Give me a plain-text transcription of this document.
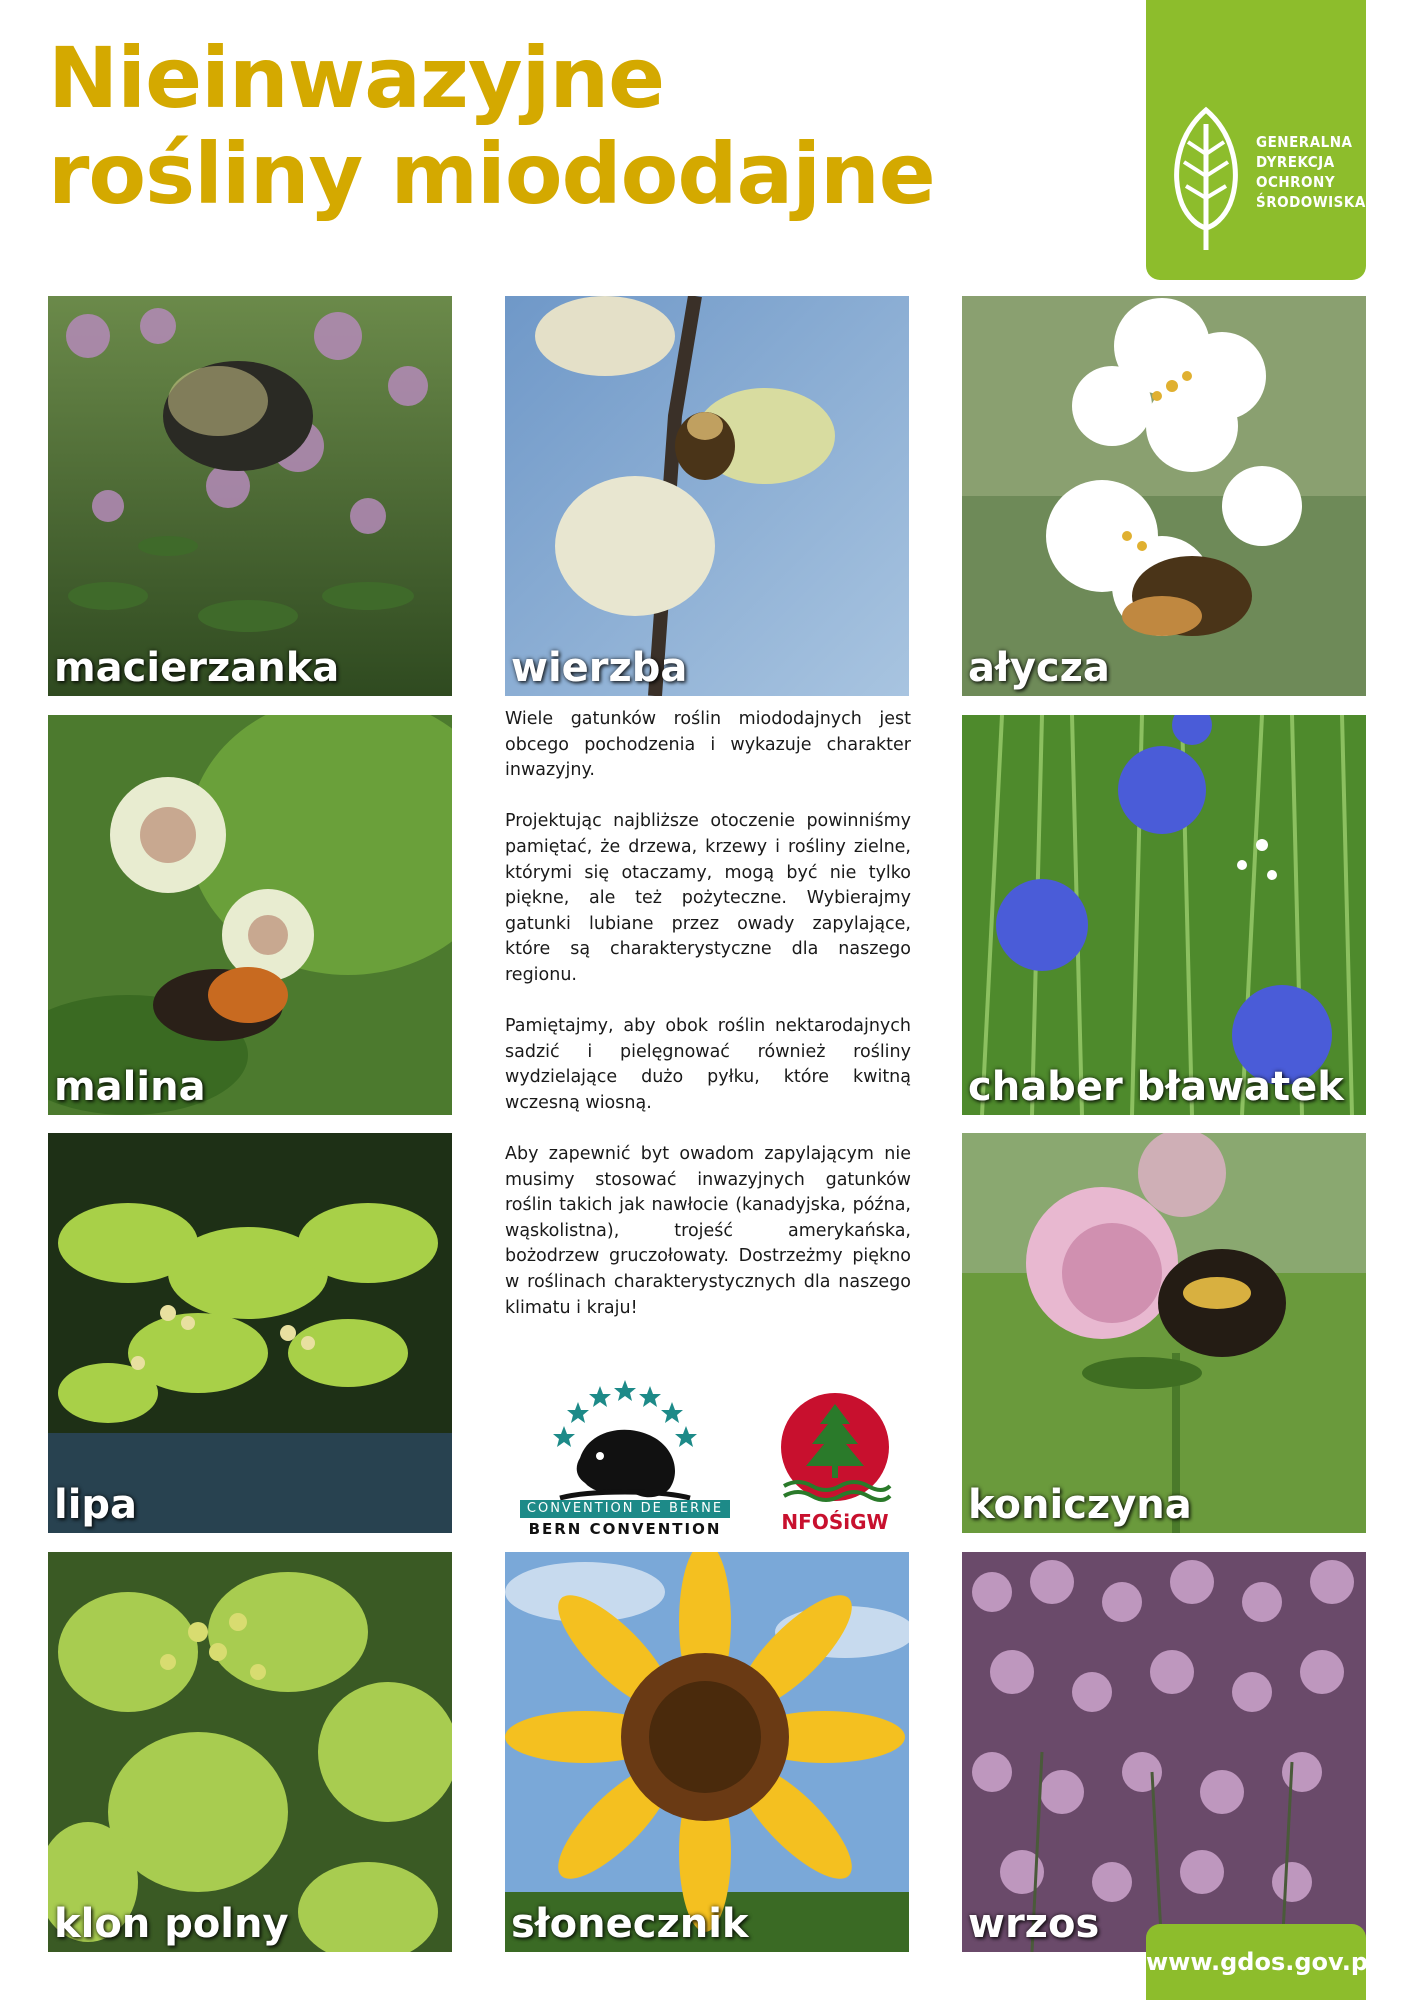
Nieinwazyjne
rośliny miododajne	GENERALNA
DYREKCJA
OCHRONY
ŚRODOWISKA
macierzanka	wierzba	ałycza
malina	chaber bławatek
lipa	koniczyna
klon polny	słonecznik	wrzos

Wiele gatunków roślin miododajnych jest obcego pochodzenia i wykazuje charakter inwazyjny.

Projektując najbliższe otoczenie powinniśmy pamiętać, że drzewa, krzewy i rośliny zielne, którymi się otaczamy, mogą być nie tylko piękne, ale też pożyteczne. Wybierajmy gatunki lubiane przez owady zapylające, które są charakterystyczne dla naszego regionu.

Pamiętajmy, aby obok roślin nektarodajnych sadzić i pielęgnować również rośliny wydzielające dużo pyłku, które kwitną wczesną wiosną.

Aby zapewnić byt owadom zapylającym nie musimy stosować inwazyjnych gatunków roślin takich jak nawłocie (kanadyjska, późna, wąskolistna), trojeść amerykańska, bożodrzew gruczołowaty. Dostrzeżmy piękno w roślinach charakterystycznych dla naszego klimatu i kraju!

CONVENTION DE BERNE
BERN CONVENTION	NFOŚiGW
www.gdos.gov.pl
